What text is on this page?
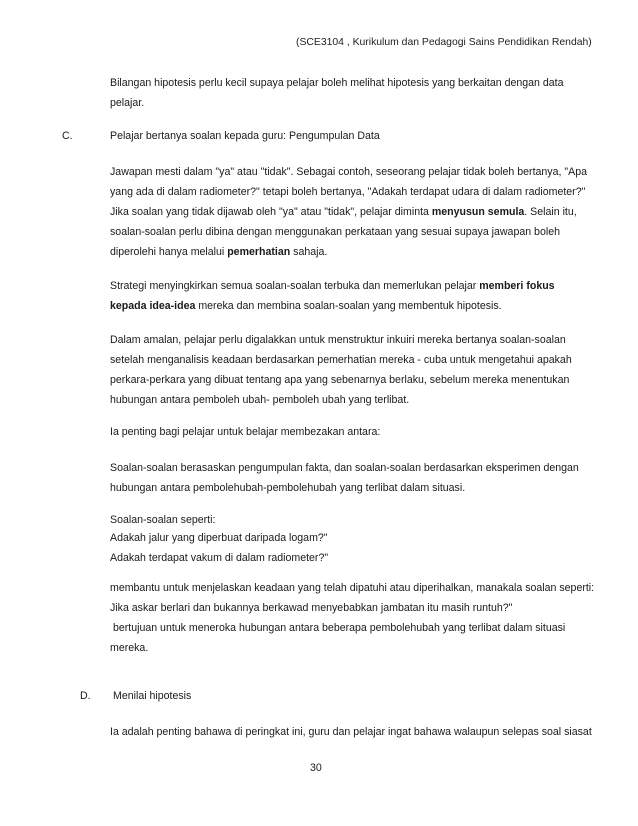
(SCE3104 , Kurikulum dan Pedagogi Sains Pendidikan Rendah)
Bilangan hipotesis perlu kecil supaya pelajar boleh melihat hipotesis yang berkaitan dengan data
pelajar.
C.	Pelajar bertanya soalan kepada guru: Pengumpulan Data
Jawapan mesti dalam "ya" atau "tidak". Sebagai contoh, seseorang pelajar tidak boleh bertanya, "Apa
yang ada di dalam radiometer?" tetapi boleh bertanya, "Adakah terdapat udara di dalam radiometer?"
Jika soalan yang tidak dijawab oleh "ya" atau "tidak", pelajar diminta menyusun semula. Selain itu,
soalan-soalan perlu dibina dengan menggunakan perkataan yang sesuai supaya jawapan boleh
diperolehi hanya melalui pemerhatian sahaja.
Strategi menyingkirkan semua soalan-soalan terbuka dan memerlukan pelajar memberi fokus
kepada idea-idea mereka dan membina soalan-soalan yang membentuk hipotesis.
Dalam amalan, pelajar perlu digalakkan untuk menstruktur inkuiri mereka bertanya soalan-soalan
setelah menganalisis keadaan berdasarkan pemerhatian mereka - cuba untuk mengetahui apakah
perkara-perkara yang dibuat tentang apa yang sebenarnya berlaku, sebelum mereka menentukan
hubungan antara pemboleh ubah- pemboleh ubah yang terlibat.
Ia penting bagi pelajar untuk belajar membezakan antara:
Soalan-soalan berasaskan pengumpulan fakta, dan soalan-soalan berdasarkan eksperimen dengan
hubungan antara pembolehubah-pembolehubah yang terlibat dalam situasi.
Soalan-soalan seperti:
Adakah jalur yang diperbuat daripada logam?"
Adakah terdapat vakum di dalam radiometer?"
membantu untuk menjelaskan keadaan yang telah dipatuhi atau diperihalkan, manakala soalan seperti:
Jika askar berlari dan bukannya berkawad menyebabkan jambatan itu masih runtuh?"
bertujuan untuk meneroka hubungan antara beberapa pembolehubah yang terlibat dalam situasi
mereka.
D. Menilai hipotesis
Ia adalah penting bahawa di peringkat ini, guru dan pelajar ingat bahawa walaupun selepas soal siasat
30
